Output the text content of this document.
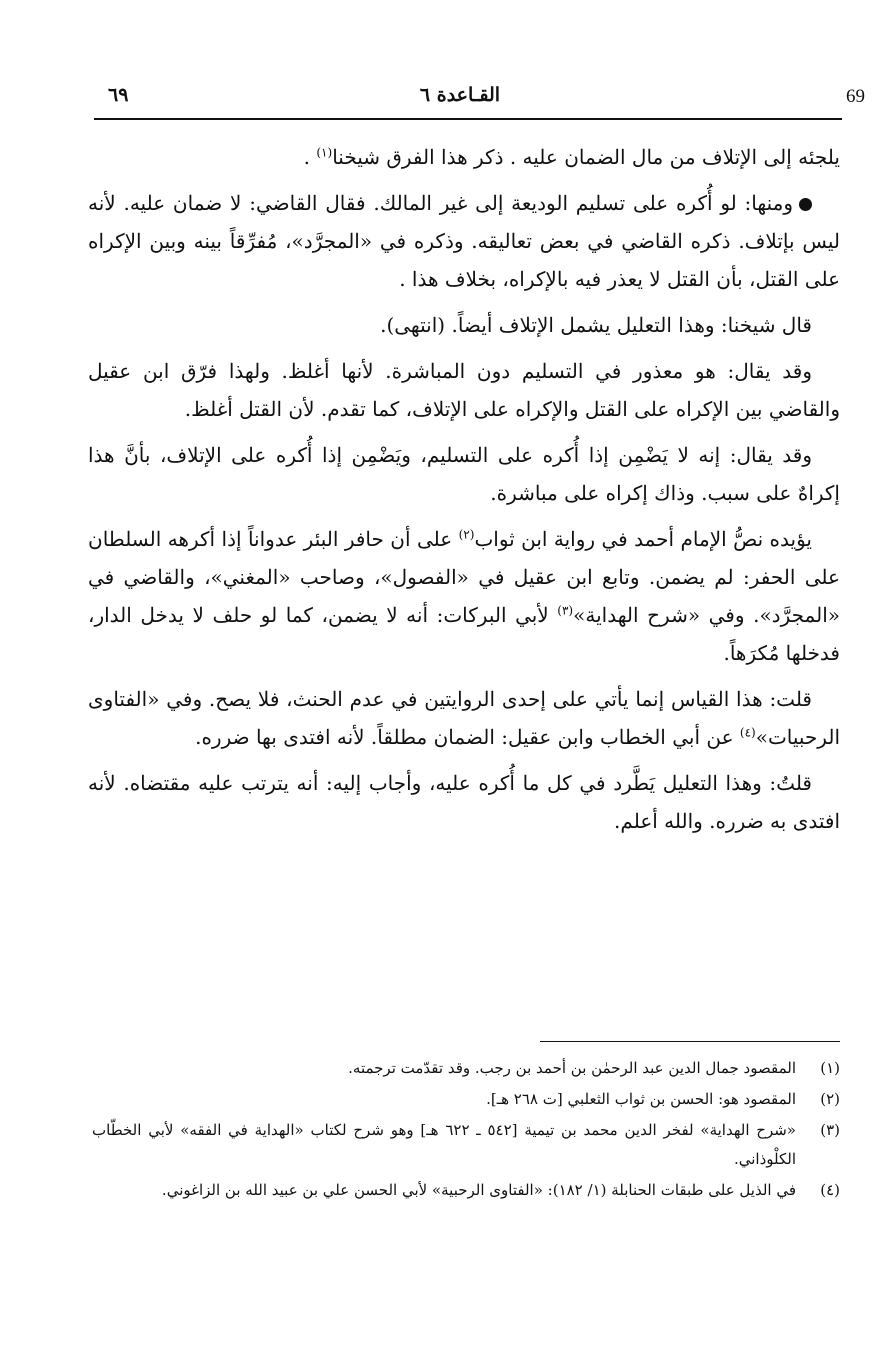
69
القـاعدة ٦
٦٩

يلجئه إلى الإتلاف من مال الضمان عليه . ذكر هذا الفرق شيخنا$^{(١)}$ .

ومنها: لو أُكره على تسليم الوديعة إلى غير المالك. فقال القاضي: لا ضمان عليه. لأنه ليس بإتلاف. ذكره القاضي في بعض تعاليقه. وذكره في «المجرَّد»، مُفرِّقاً بينه وبين الإكراه على القتل، بأن القتل لا يعذر فيه بالإكراه، بخلاف هذا .

قال شيخنا: وهذا التعليل يشمل الإتلاف أيضاً. (انتهى).

وقد يقال: هو معذور في التسليم دون المباشرة. لأنها أغلظ. ولهذا فرّق ابن عقيل والقاضي بين الإكراه على القتل والإكراه على الإتلاف، كما تقدم. لأن القتل أغلظ.

وقد يقال: إنه لا يَضْمِن إذا أُكره على التسليم، ويَضْمِن إذا أُكره على الإتلاف، بأنَّ هذا إكراهٌ على سبب. وذاك إكراه على مباشرة.

يؤيده نصُّ الإمام أحمد في رواية ابن ثواب$^{(٢)}$ على أن حافر البئر عدواناً إذا أكرهه السلطان على الحفر: لم يضمن. وتابع ابن عقيل في «الفصول»، وصاحب «المغني»، والقاضي في «المجرَّد». وفي «شرح الهداية»$^{(٣)}$ لأبي البركات: أنه لا يضمن، كما لو حلف لا يدخل الدار، فدخلها مُكرَهاً.

قلت: هذا القياس إنما يأتي على إحدى الروايتين في عدم الحنث، فلا يصح. وفي «الفتاوى الرحبيات»$^{(٤)}$ عن أبي الخطاب وابن عقيل: الضمان مطلقاً. لأنه افتدى بها ضرره.

قلتُ: وهذا التعليل يَطَّرد في كل ما أُكره عليه، وأجاب إليه: أنه يترتب عليه مقتضاه. لأنه افتدى به ضرره. والله أعلم.

(١)
المقصود جمال الدين عبد الرحمٰن بن أحمد بن رجب. وقد تقدّمت ترجمته.
(٢)
المقصود هو: الحسن بن ثواب الثعلبي [ت ٢٦٨ هـ].
(٣)
«شرح الهداية» لفخر الدين محمد بن تيمية [٥٤٢ ـ ٦٢٢ هـ] وهو شرح لكتاب «الهداية في الفقه» لأبي الخطّاب الكلْوذاني.
(٤)
في الذيل على طبقات الحنابلة (١/ ١٨٢): «الفتاوى الرحبية» لأبي الحسن علي بن عبيد الله بن الزاغوني.
